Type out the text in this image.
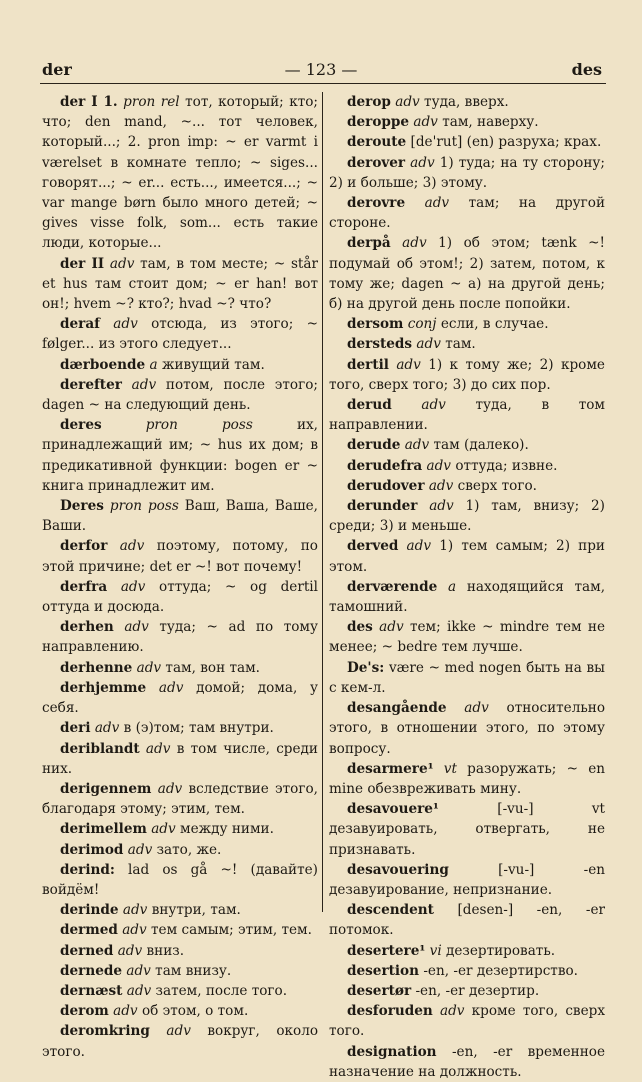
der	— 123 —	des
der I 1. pron rel тот, который; кто; что; den mand, ~... тот человек, который...; 2. pron imp: ~ er varmt i værelset в комнате тепло; ~ siges... говорят...; ~ er... есть..., имеется...; ~ var mange børn было много детей; ~ gives visse folk, som... есть такие люди, которые...
der II adv там, в том месте; ~ står et hus там стоит дом; ~ er han! вот он!; hvem ~? кто?; hvad ~? что?
deraf adv отсюда, из этого; ~ følger... из этого следует...
dærboende a живущий там.
derefter adv потом, после этого; dagen ~ на следующий день.
deres	pron poss	их, принадлежащий им; ~ hus их дом; в предикативной функции: bogen er ~ книга принадлежит им.
Deres pron poss Ваш, Ваша, Ваше, Ваши.
derfor adv поэтому, потому, по этой причине; det er ~! вот почему!
derfra adv оттуда; ~ og dertil оттуда и досюда.
derhen adv туда; ~ ad по тому направлению.
derhenne adv там, вон там.
derhjemme adv домой; дома, у себя.
deri adv в (э)том; там внутри.
deriblandt adv в том числе, среди них.
derigennem adv вследствие этого, благодаря этому; этим, тем.
derimellem adv между ними.
derimod adv зато, же.
derind: lad os gå ~! (давайте) войдём!
derinde adv внутри, там.
dermed adv тем самым; этим, тем.
derned adv вниз.
dernede adv там внизу.
dernæst adv затем, после того.
derom adv об этом, о том.
deromkring adv вокруг, около этого.
derop adv туда, вверх.
deroppe adv там, наверху.
deroute [de'rut] (en) разруха; крах.
derover adv 1) туда; на ту сторону; 2) и больше; 3) этому.
derovre adv там; на другой стороне.
derpå adv 1) об этом; tænk ~! подумай об этом!; 2) затем, потом, к тому же; dagen ~ а) на другой день; б) на другой день после попойки.
dersom conj если, в случае.
dersteds adv там.
dertil adv 1) к тому же; 2) кроме того, сверх того; 3) до сих пор.
derud adv туда, в том направлении.
derude adv там (далеко).
derudefra adv оттуда; извне.
derudover adv сверх того.
derunder adv 1) там, внизу; 2) среди; 3) и меньше.
derved adv 1) тем самым; 2) при этом.
derværende a находящийся там, тамошний.
des adv тем; ikke ~ mindre тем не менее; ~ bedre тем лучше.
De's: være ~ med nogen быть на вы с кем-л.
desangående adv относительно этого, в отношении этого, по этому вопросу.
desarmere¹ vt разоружать; ~ en mine обезвреживать мину.
desavouere¹	[-vu-] vt дезавуировать, отвергать, не признавать.
desavouering	[-vu-] -en дезавуирование, непризнание.
descendent [desen-] -en, -er потомок.
desertere¹ vi дезертировать.
desertion -en, -er дезертирство.
desertør -en, -er дезертир.
desforuden adv кроме того, сверх того.
designation -en, -er временное назначение на должность.
